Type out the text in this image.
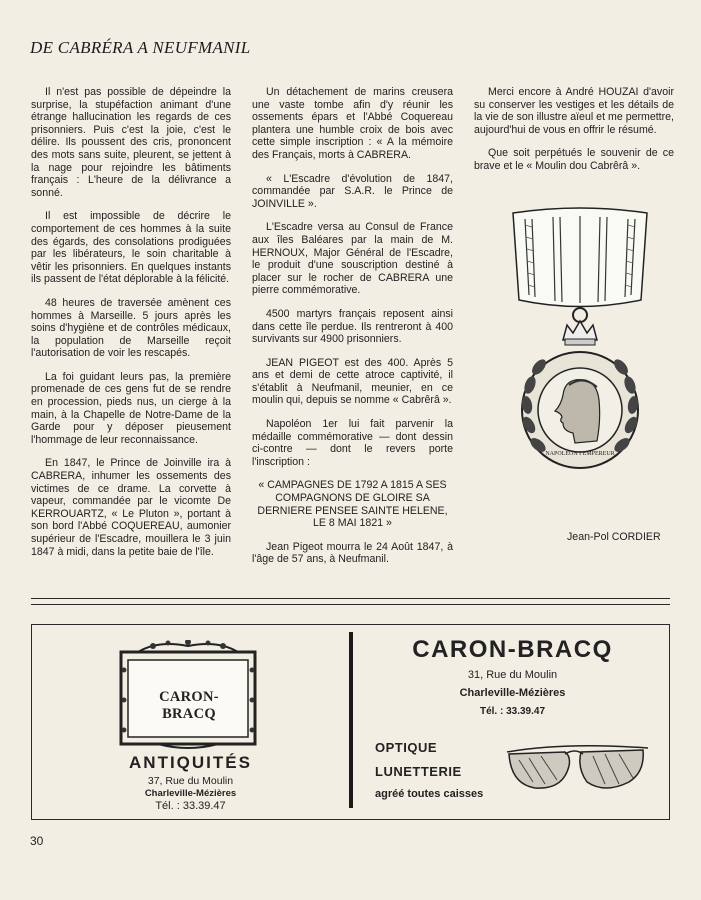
DE CABRÉRA A NEUFMANIL

Il n'est pas possible de dépeindre la surprise, la stupéfaction animant d'une étrange hallucination les regards de ces prisonniers. Puis c'est la joie, c'est le délire. Ils poussent des cris, prononcent des mots sans suite, pleurent, se jettent à la nage pour rejoindre les bâtiments français : L'heure de la délivrance a sonné.

Il est impossible de décrire le comportement de ces hommes à la suite des égards, des consolations prodiguées par les libérateurs, le soin charitable à vêtir les prisonniers. En quelques instants ils passent de l'état déplorable à la félicité.

48 heures de traversée amènent ces hommes à Marseille. 5 jours après les soins d'hygiène et de contrôles médicaux, la population de Marseille reçoit l'autorisation de voir les rescapés.

La foi guidant leurs pas, la première promenade de ces gens fut de se rendre en procession, pieds nus, un cierge à la main, à la Chapelle de Notre-Dame de la Garde pour y déposer pieusement l'hommage de leur reconnaissance.

En 1847, le Prince de Joinville ira à CABRERA, inhumer les ossements des victimes de ce drame. La corvette à vapeur, commandée par le vicomte De KERROUARTZ, « Le Pluton », portant à son bord l'Abbé COQUEREAU, aumonier supérieur de l'Escadre, mouillera le 3 juin 1847 à midi, dans la petite baie de l'île.

Un détachement de marins creusera une vaste tombe afin d'y réunir les ossements épars et l'Abbé Coquereau plantera une humble croix de bois avec cette simple inscription : « A la mémoire des Français, morts à CABRERA.

« L'Escadre d'évolution de 1847, commandée par S.A.R. le Prince de JOINVILLE ».

L'Escadre versa au Consul de France aux îles Baléares par la main de M. HERNOUX, Major Général de l'Escadre, le produit d'une souscription destiné à placer sur le rocher de CABRERA une pierre commémorative.

4500 martyrs français reposent ainsi dans cette île perdue. Ils rentreront à 400 survivants sur 4900 prisonniers.

JEAN PIGEOT est des 400. Après 5 ans et demi de cette atroce captivité, il s'établit à Neufmanil, meunier, en ce moulin qui, depuis se nomme « Cabrêrâ ».

Napoléon 1er lui fait parvenir la médaille commémorative — dont dessin ci-contre — dont le revers porte l'inscription :

« CAMPAGNES DE 1792 A 1815 A SES COMPAGNONS DE GLOIRE SA DERNIERE PENSEE SAINTE HELENE, LE 8 MAI 1821 »

Jean Pigeot mourra le 24 Août 1847, à l'âge de 57 ans, à Neufmanil.

Merci encore à André HOUZAI d'avoir su conserver les vestiges et les détails de la vie de son illustre aïeul et me permettre, aujourd'hui de vous en offrir le résumé.

Que soit perpétués le souvenir de ce brave et le « Moulin dou Cabrêrâ ».

NAPOLEON I EMPEREUR
Jean-Pol CORDIER
CARON-BRACQ
ANTIQUITÉS
37, Rue du Moulin
Charleville-Mézières
Tél. : 33.39.47
CARON-BRACQ
31, Rue du Moulin
Charleville-Mézières
Tél. : 33.39.47
OPTIQUE
LUNETTERIE
agréé toutes caisses
30
